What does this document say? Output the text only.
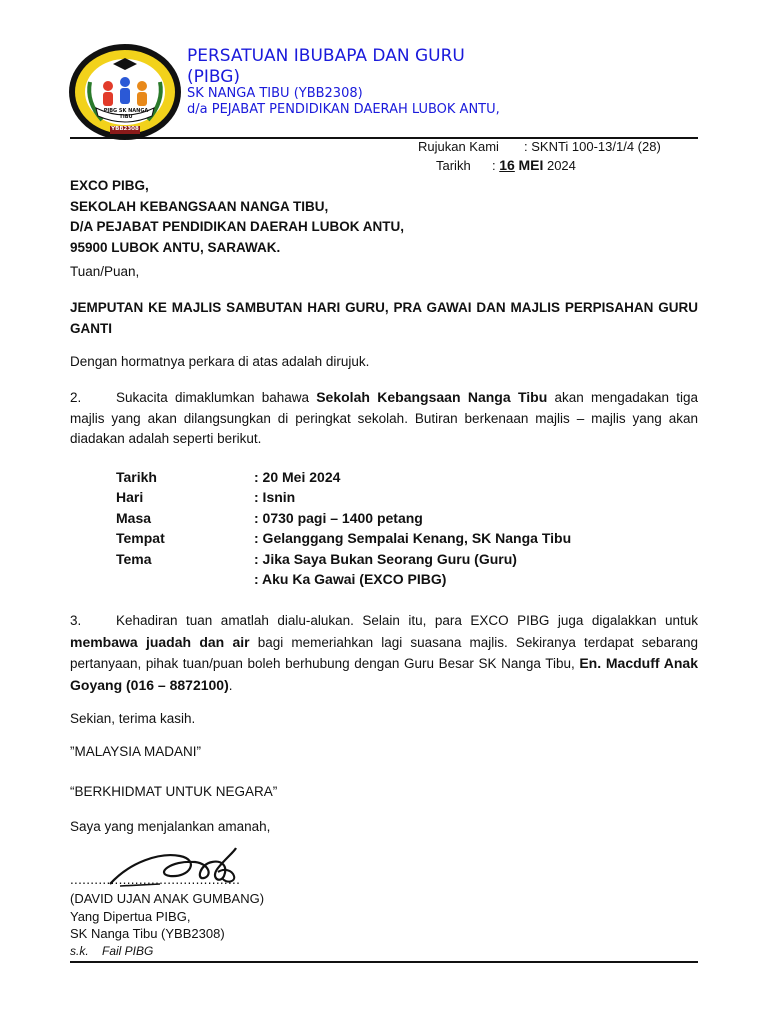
PIBG SK NANGA TIBU
YBB2308
PERSATUAN IBUBAPA DAN GURU (PIBG)
SK NANGA TIBU (YBB2308)
d/a PEJABAT PENDIDIKAN DAERAH LUBOK ANTU,
Rujukan Kami : SKNTi 100-13/1/4 (28)
Tarikh : 16 MEI 2024
EXCO PIBG,
SEKOLAH KEBANGSAAN NANGA TIBU,
D/A PEJABAT PENDIDIKAN DAERAH LUBOK ANTU,
95900 LUBOK ANTU, SARAWAK.
Tuan/Puan,
JEMPUTAN KE MAJLIS SAMBUTAN HARI GURU, PRA GAWAI DAN MAJLIS PERPISAHAN GURU GANTI
Dengan hormatnya perkara di atas adalah dirujuk.
2.	Sukacita dimaklumkan bahawa Sekolah Kebangsaan Nanga Tibu akan mengadakan tiga majlis yang akan dilangsungkan di peringkat sekolah. Butiran berkenaan majlis – majlis yang akan diadakan adalah seperti berikut.
Tarikh	: 20 Mei 2024
Hari	: Isnin
Masa	: 0730 pagi – 1400 petang
Tempat	: Gelanggang Sempalai Kenang, SK Nanga Tibu
Tema	: Jika Saya Bukan Seorang Guru (Guru)
: Aku Ka Gawai (EXCO PIBG)
3.	Kehadiran tuan amatlah dialu-alukan. Selain itu, para EXCO PIBG juga digalakkan untuk membawa juadah dan air bagi memeriahkan lagi suasana majlis. Sekiranya terdapat sebarang pertanyaan, pihak tuan/puan boleh berhubung dengan Guru Besar SK Nanga Tibu, En. Macduff Anak Goyang (016 – 8872100).
Sekian, terima kasih.
”MALAYSIA MADANI”
“BERKHIDMAT UNTUK NEGARA”
Saya yang menjalankan amanah,
..........................................
(DAVID UJAN ANAK GUMBANG)
Yang Dipertua PIBG,
SK Nanga Tibu (YBB2308)
s.k. Fail PIBG
